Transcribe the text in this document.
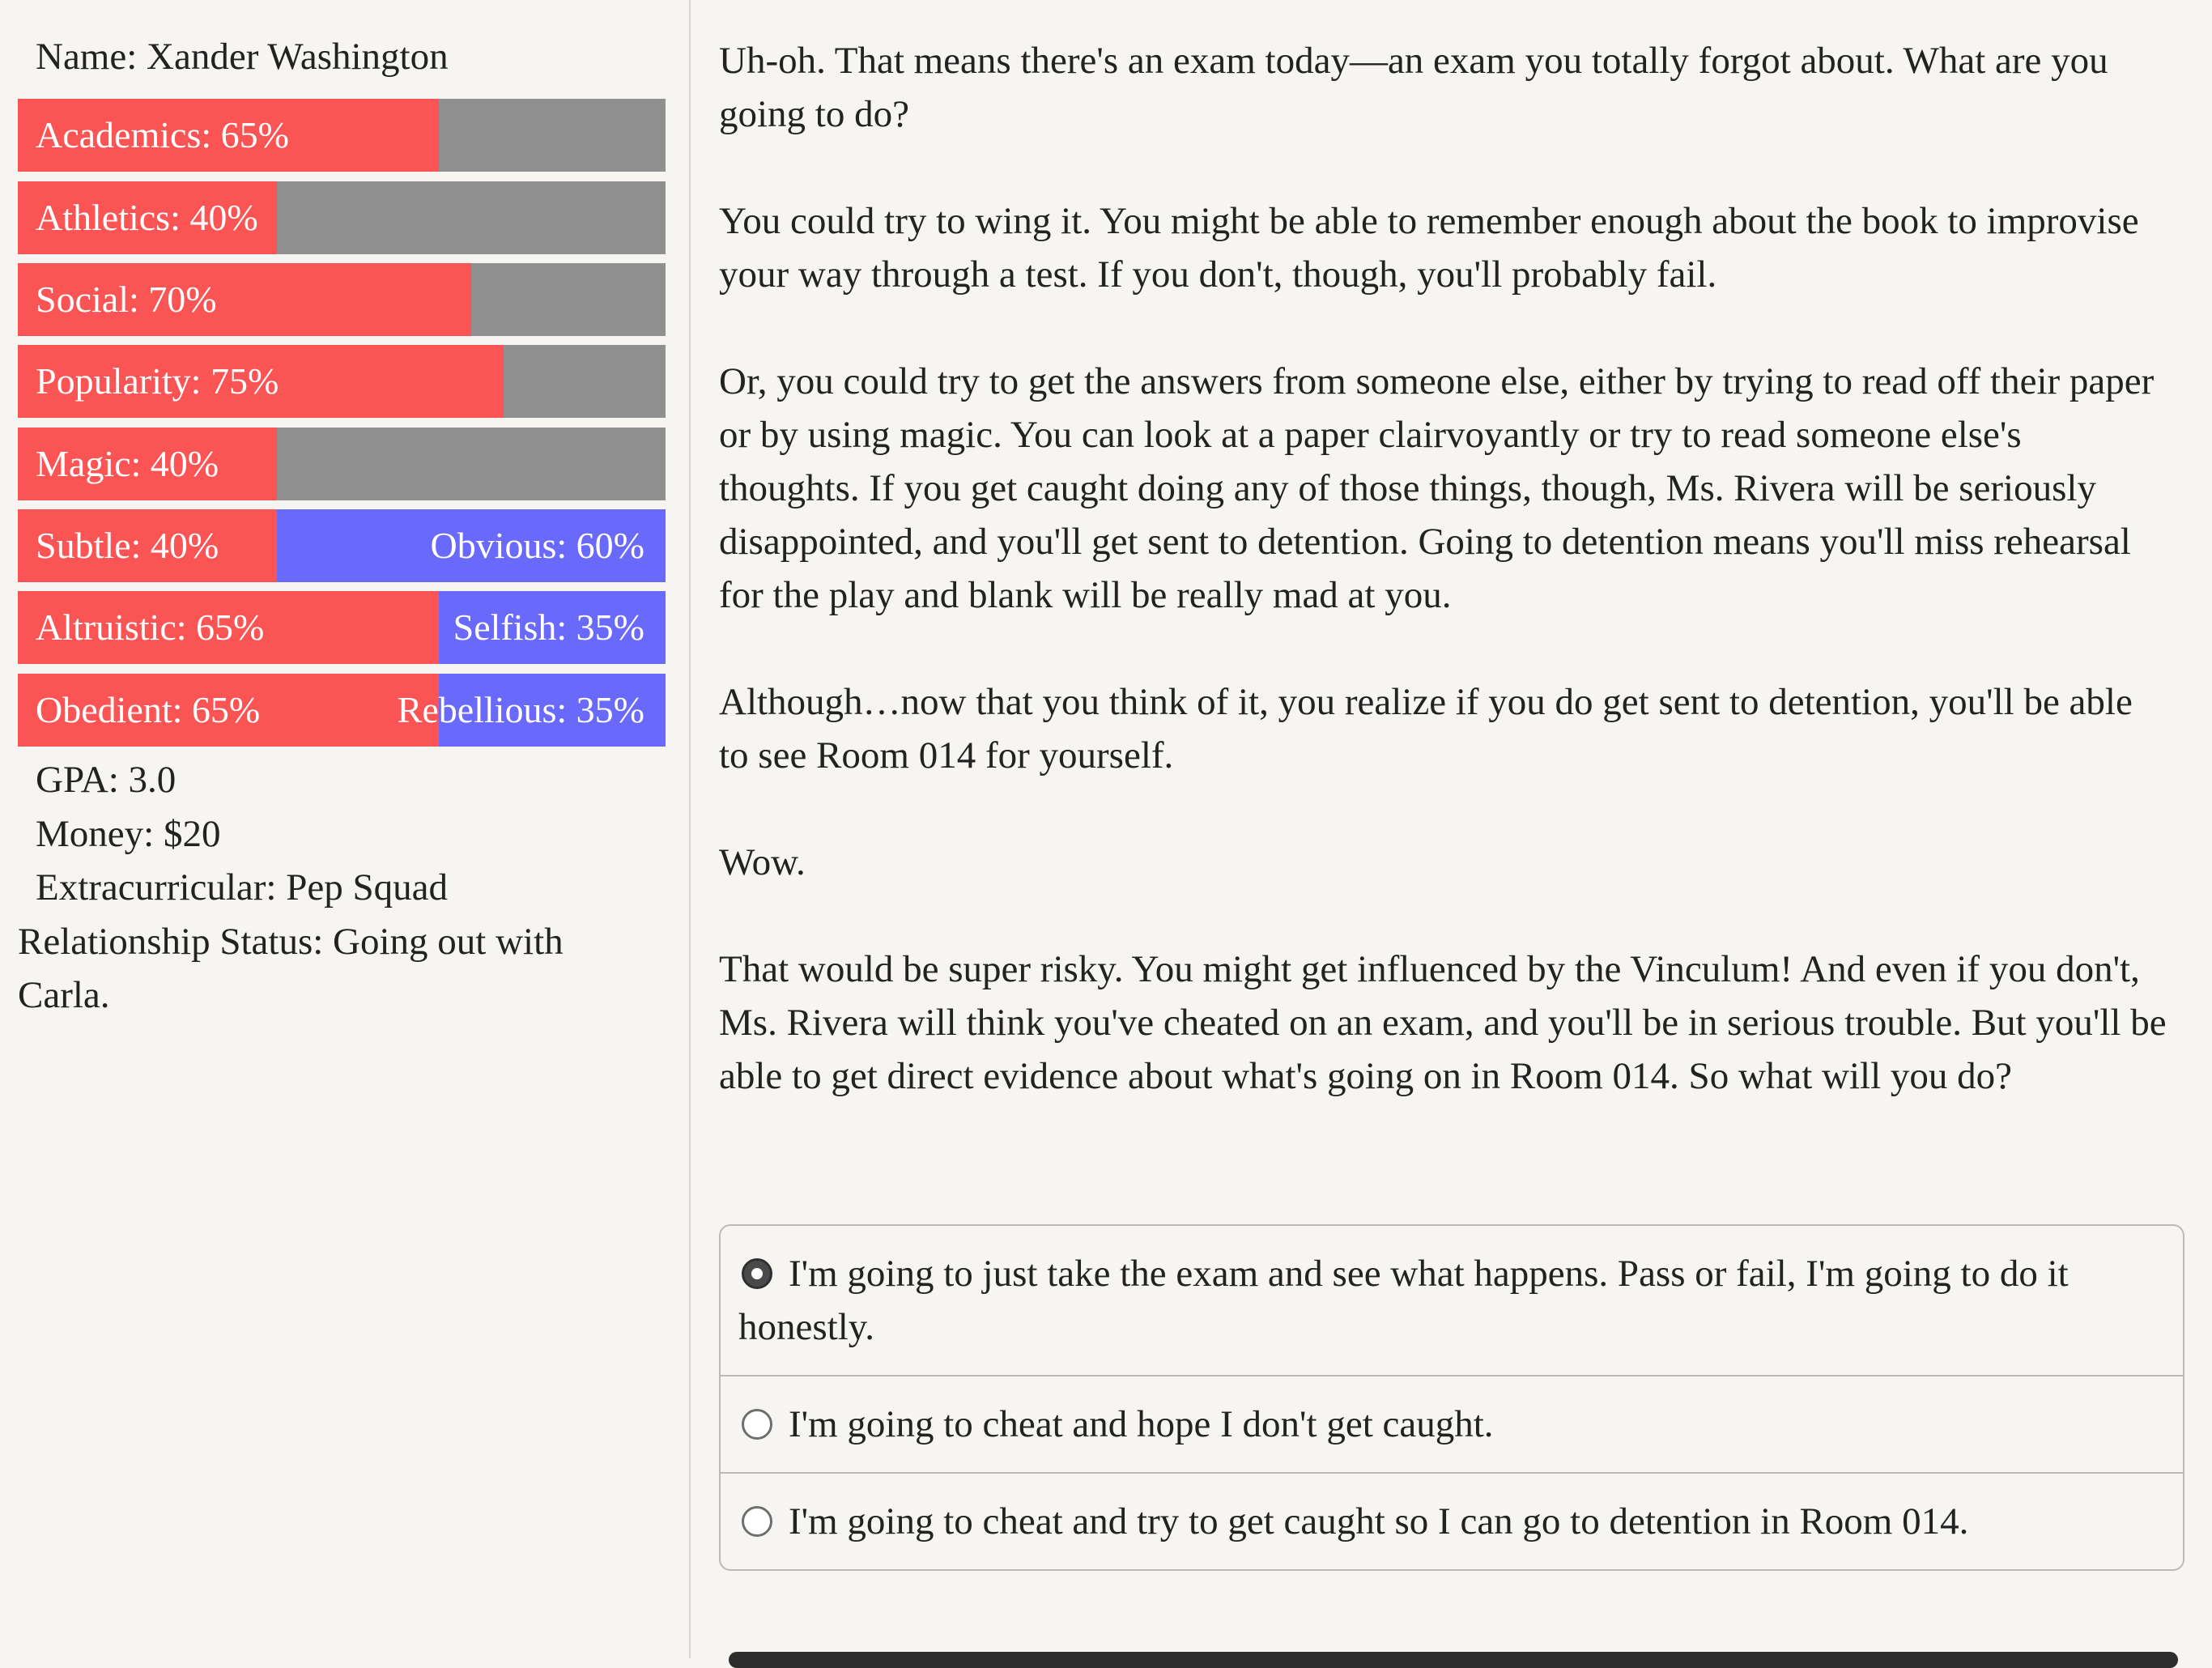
Name: Xander Washington
Academics: 65%
Athletics: 40%
Social: 70%
Popularity: 75%
Magic: 40%
Subtle: 40%	Obvious: 60%
Altruistic: 65%	Selfish: 35%
Obedient: 65%	Rebellious: 35%
GPA: 3.0
Money: $20
Extracurricular: Pep Squad
Relationship Status: Going out with Carla.

Uh-oh. That means there's an exam today—an exam you totally forgot about. What are you going to do?

You could try to wing it. You might be able to remember enough about the book to improvise your way through a test. If you don't, though, you'll probably fail.

Or, you could try to get the answers from someone else, either by trying to read off their paper or by using magic. You can look at a paper clairvoyantly or try to read someone else's thoughts. If you get caught doing any of those things, though, Ms. Rivera will be seriously disappointed, and you'll get sent to detention. Going to detention means you'll miss rehearsal for the play and blank will be really mad at you.

Although…now that you think of it, you realize if you do get sent to detention, you'll be able to see Room 014 for yourself.

Wow.

That would be super risky. You might get influenced by the Vinculum! And even if you don't, Ms. Rivera will think you've cheated on an exam, and you'll be in serious trouble. But you'll be able to get direct evidence about what's going on in Room 014. So what will you do?

I'm going to just take the exam and see what happens. Pass or fail, I'm going to do it honestly.
I'm going to cheat and hope I don't get caught.
I'm going to cheat and try to get caught so I can go to detention in Room 014.
